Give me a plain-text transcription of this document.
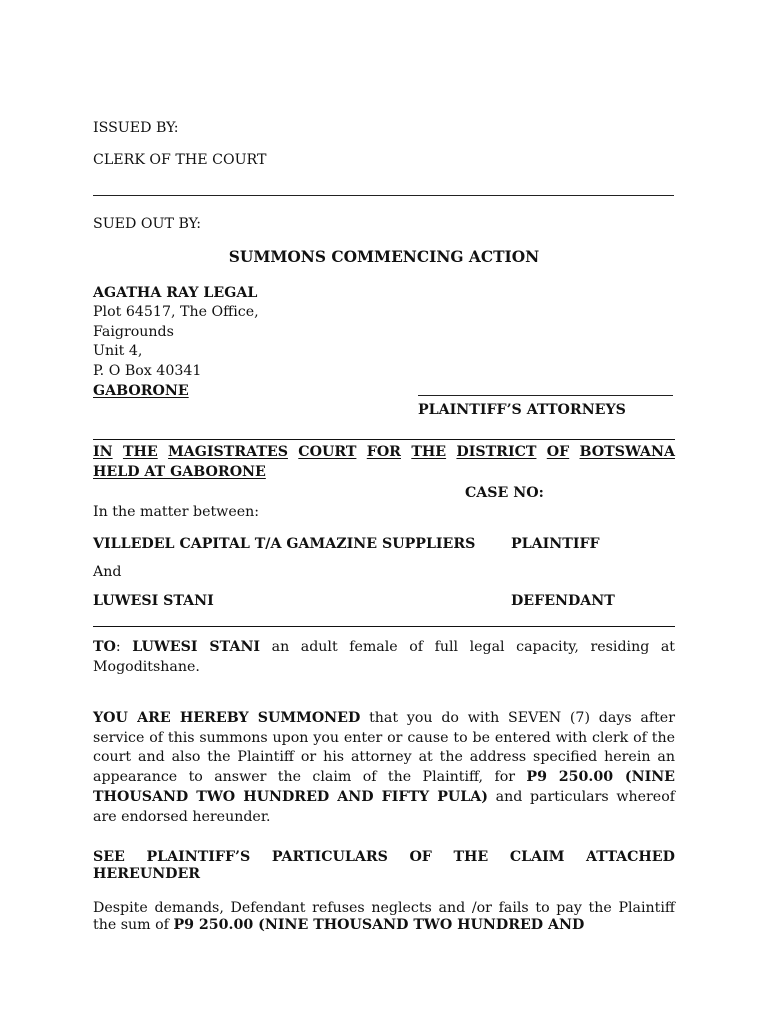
ISSUED BY:
CLERK OF THE COURT
SUED OUT BY:
SUMMONS COMMENCING ACTION
AGATHA RAY LEGAL
Plot 64517, The Office,
Faigrounds
Unit 4,
P. O Box 40341
GABORONE
PLAINTIFF’S ATTORNEYS
IN THE MAGISTRATES COURT FOR THE DISTRICT OF BOTSWANA
HELD AT GABORONE
CASE NO:
In the matter between:
VILLEDEL CAPITAL T/A GAMAZINE SUPPLIERS	PLAINTIFF
And
LUWESI STANI	DEFENDANT
TO: LUWESI STANI an adult female of full legal capacity, residing at Mogoditshane.
YOU ARE HEREBY SUMMONED that you do with SEVEN (7) days after service of this summons upon you enter or cause to be entered with clerk of the court and also the Plaintiff or his attorney at the address specified herein an appearance to answer the claim of the Plaintiff, for P9 250.00 (NINE THOUSAND TWO HUNDRED AND FIFTY PULA) and particulars whereof are endorsed hereunder.
SEE PLAINTIFF’S PARTICULARS OF THE CLAIM ATTACHED
HEREUNDER
Despite demands, Defendant refuses neglects and /or fails to pay the Plaintiff the sum of P9 250.00 (NINE THOUSAND TWO HUNDRED AND
